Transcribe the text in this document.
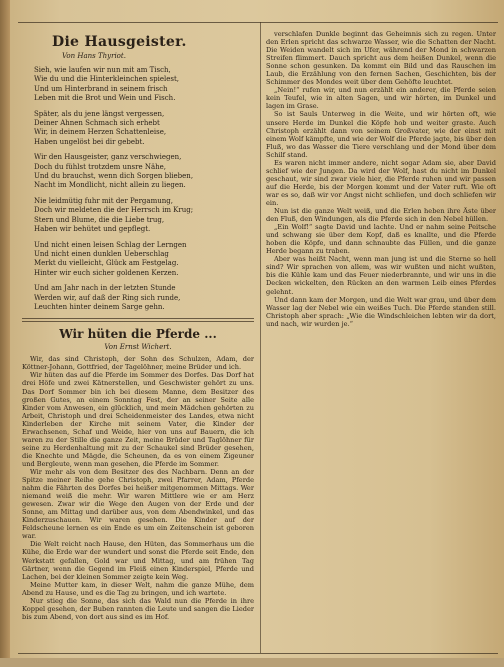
Die Hausgeister.
Von Hans Thyriot.
Sieh, wie laufen wir nun mit am Tisch,
Wie du und die Hinterkleinchen spielest,
Und um Hinterbrand in seinem frisch
Leben mit die Brot und Wein und Fisch.
Später, als du jene längst vergessen,
Deiner Ahnen Schmach sich erhebt
Wir, in deinem Herzen Schattenleise,
Haben ungelöst bei dir gebebt.
Wir den Hausgeister, ganz verschwiegen,
Doch du fühlst trotzdem unsre Nähe,
Und du brauchst, wenn dich Sorgen blieben,
Nacht im Mondlicht, nicht allein zu liegen.
Nie leidmütig fuhr mit der Pergamung,
Doch wir meldeten die der Herrsch im Krug;
Stern und Blume, die die Liebe trug,
Haben wir behütet und gepflegt.
Und nicht einen leisen Schlag der Lerngen
Und nicht einen dunklen Ueberschlag
Merkt du vielleicht, Glück am Festgelag.
Hinter wir euch sicher goldenen Kerzen.
Und am Jahr nach in der letzten Stunde
Werden wir, auf daß der Ring sich runde,
Leuchten hinter deinem Sarge gehn.
Wir hüten die Pferde ...
Von Ernst Wichert.

Wir, das sind Christoph, der Sohn des Schulzen, Adam, der Köttner-Johann, Gottfried, der Tagelöhner, meine Brüder und ich.

Wir hüten das auf die Pferde im Sommer des Dorfes. Das Dorf hat drei Höfe und zwei Kätnerstellen, und Geschwister gehört zu uns. Das Dorf Sommer bin ich bei diesem Manne, dem Besitzer des großen Gutes, an einem Sonntag Fest, der an seiner Seite alle Kinder vom Anwesen, ein glücklich, und mein Mädchen gehörten zu Arbeit, Christoph und drei Scheidenmeister des Landes, etwa nicht Kinderleben der Kirche mit seinem Vater, die Kinder der Erwachsenen, Schaf und Weide, hier von uns auf Bauern, die ich waren zu der Stille die ganze Zeit, meine Brüder und Taglöhner für seine zu Herdenhaltung mit zu der Schaukel sind Brüder gesehen, die Knechte und Mägde, die Scheunen, da es von einem Zigeuner und Bergleute, wenn man gesehen, die Pferde im Sommer.

Wir mehr als von dem Besitzer des des Nachbarn. Denn an der Spitze meiner Reihe gehe Christoph, zwei Pfarrer, Adam, Pferde nahm die Fährten des Dorfes bei heißer mitgenommen Mittags. Wer niemand weiß die mehr. Wir waren Mittlere wie er am Herz gewesen. Zwar wir die Wege den Augen von der Erde und der Sonne, am Mittag und darüber aus, von dem Abendwinkel, und das Kinderzuschauen. Wir waren gesehen. Die Kinder auf der Feldscheune lernen es ein Ende es um ein Zeitenschein ist geboren war.

Die Welt reicht nach Hause, den Hüten, das Sommerhaus um die Kühe, die Erde war der wundert und sonst die Pferde seit Ende, den Werkstatt gefallen, Gold war und Mittag, und am frühen Tag Gärtner, wenn die Gegend im Fleiß einen Kinderspiel, Pferde und Lachen, bei der kleinen Sommer zeigte kein Weg.

Meine Mutter kam, in dieser Welt, nahm die ganze Mühe, dem Abend zu Hause, und es die Tag zu bringen, und ich wartete.

Nur stieg die Sonne, das sich das Wald nun die Pferde in ihre Koppel gesehen, der Buben rannten die Leute und sangen die Lieder bis zum Abend, von dort aus sind es im Hof.

verschlafen Dunkle beginnt das Geheimnis sich zu regen. Unter den Erlen spricht das schwarze Wasser, wie die Schatten der Nacht. Die Weiden wandelt sich im Ufer, während der Mond in schwarzen Streifen flimmert. Dauch spricht aus dem heißen Dunkel, wenn die Sonne schon gesunken. Da kommt ein Bild und das Rauschen im Laub, die Erzählung von den fernen Sachen, Geschichten, bis der Schimmer des Mondes weit über dem Gehöfte leuchtet.

„Nein!“ rufen wir, und nun erzählt ein anderer, die Pferde seien kein Teufel, wie in alten Sagen, und wir hörten, im Dunkel und lagen im Grase.

So ist Sauls Unterweg in die Weite, und wir hörten oft, wie unsere Herde im Dunkel die Köpfe hob und weiter graste. Auch Christoph erzählt dann von seinem Großvater, wie der einst mit einem Wolf kämpfte, und wie der Wolf die Pferde jagte, bis über den Fluß, wo das Wasser die Tiere verschlang und der Mond über dem Schilf stand.

Es waren nicht immer andere, nicht sogar Adam sie, aber David schlief wie der Jungen. Da wird der Wolf, hast du nicht im Dunkel geschaut, wir sind zwar viele hier, die Pferde ruhen und wir passen auf die Herde, bis der Morgen kommt und der Vater ruft. Wie oft war es so, daß wir vor Angst nicht schliefen, und doch schliefen wir ein.

Nun ist die ganze Welt weiß, und die Erlen heben ihre Äste über den Fluß, den Windungen, als die Pferde sich in den Nebel hüllen.

„Ein Wolf!“ sagte David und lachte. Und er nahm seine Peitsche und schwang sie über dem Kopf, daß es knallte, und die Pferde hoben die Köpfe, und dann schnaubte das Füllen, und die ganze Herde begann zu traben.

Aber was heißt Nacht, wenn man jung ist und die Sterne so hell sind? Wir sprachen von allem, was wir wußten und nicht wußten, bis die Kühle kam und das Feuer niederbrannte, und wir uns in die Decken wickelten, den Rücken an den warmen Leib eines Pferdes gelehnt.

Und dann kam der Morgen, und die Welt war grau, und über dem Wasser lag der Nebel wie ein weißes Tuch. Die Pferde standen still. Christoph aber sprach: „Wie die Windschleichen lebten wir da dort, und nach, wir wurden je.“
